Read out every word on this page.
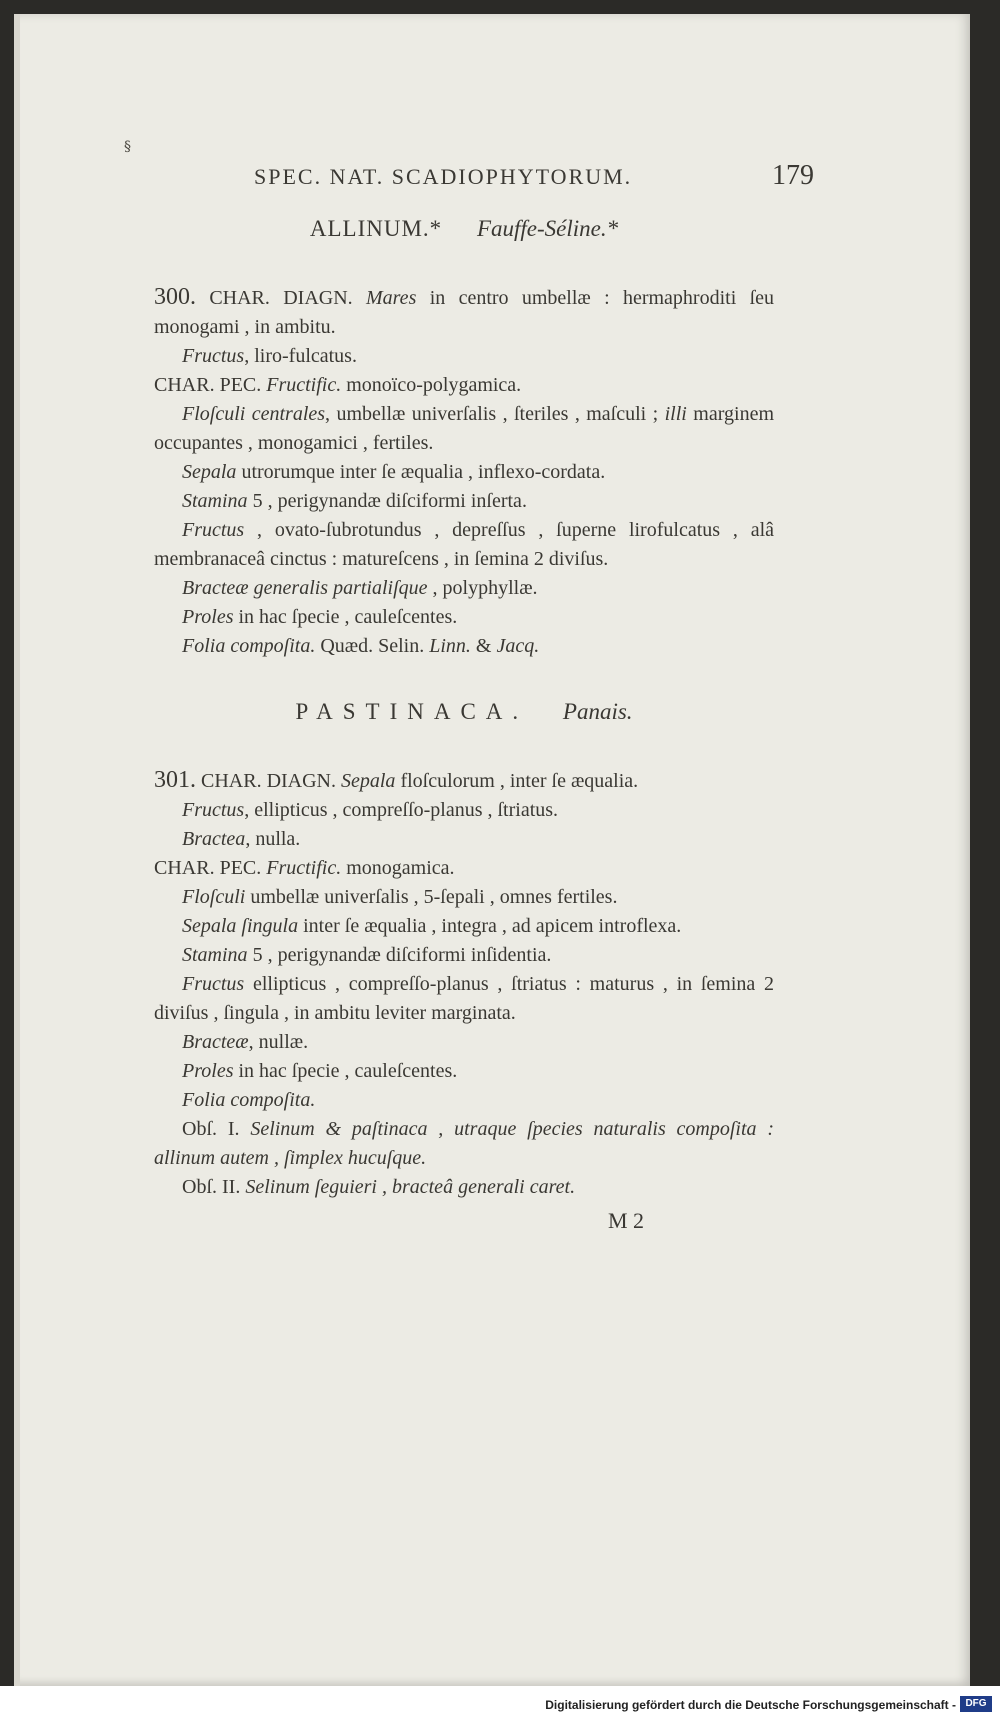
§
SPEC. NAT. SCADIOPHYTORUM.	179
ALLINUM.* Fauffe-Séline.*

300. CHAR. DIAGN. Mares in centro umbellæ : hermaphroditi ſeu monogami , in ambitu.

Fructus, liro-fulcatus.

CHAR. PEC. Fructific. monoïco-polygamica.

Floſculi centrales, umbellæ univerſalis , ſteriles , maſculi ; illi marginem occupantes , monogamici , fertiles.

Sepala utrorumque inter ſe æqualia , inflexo-cordata.

Stamina 5 , perigynandæ diſciformi inſerta.

Fructus , ovato-ſubrotundus , depreſſus , ſuperne lirofulcatus , alâ membranaceâ cinctus : matureſcens , in ſemina 2 diviſus.

Bracteæ generalis partialiſque , polyphyllæ.

Proles in hac ſpecie , cauleſcentes.

Folia compoſita. Quæd. Selin. Linn. & Jacq.

PASTINACA. Panais.

301. CHAR. DIAGN. Sepala floſculorum , inter ſe æqualia.

Fructus, ellipticus , compreſſo-planus , ſtriatus.

Bractea, nulla.

CHAR. PEC. Fructific. monogamica.

Floſculi umbellæ univerſalis , 5-ſepali , omnes fertiles.

Sepala ſingula inter ſe æqualia , integra , ad apicem introflexa.

Stamina 5 , perigynandæ diſciformi inſidentia.

Fructus ellipticus , compreſſo-planus , ſtriatus : maturus , in ſemina 2 diviſus , ſingula , in ambitu leviter marginata.

Bracteæ, nullæ.

Proles in hac ſpecie , cauleſcentes.

Folia compoſita.

Obſ. I. Selinum & paſtinaca , utraque ſpecies naturalis compoſita : allinum autem , ſimplex hucuſque.

Obſ. II. Selinum ſeguieri , bracteâ generali caret.

M 2
Digitalisierung gefördert durch die Deutsche Forschungsgemeinschaft - DFG
